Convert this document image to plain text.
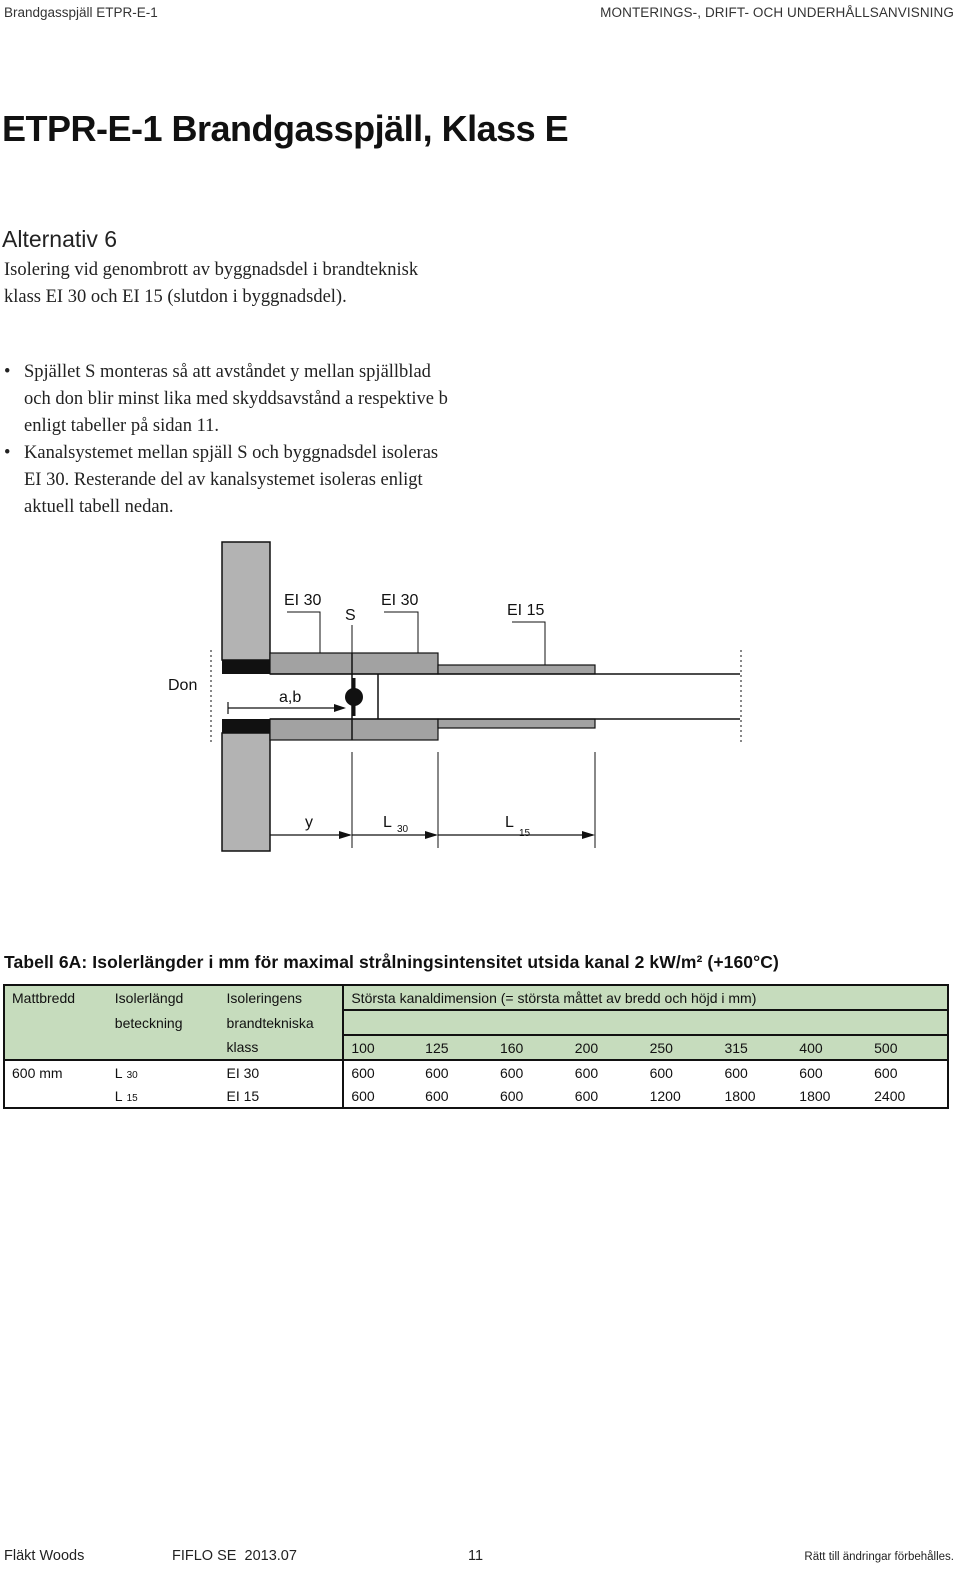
Brandgasspjäll ETPR-E-1	MONTERINGS-, DRIFT- OCH UNDERHÅLLSANVISNING
ETPR-E-1 Brandgasspjäll, Klass E
Alternativ 6
Isolering vid genombrott av byggnadsdel i brandteknisk klass EI 30 och EI 15 (slutdon i byggnadsdel).
• Spjället S monteras så att avståndet y mellan spjällblad och don blir minst lika med skyddsavstånd a respektive b enligt tabeller på sidan 11.
• Kanalsystemet mellan spjäll S och byggnadsdel isoleras EI 30. Resterande del av kanalsystemet isoleras enligt aktuell tabell nedan.
EI 30
S
EI 30
EI 15
Don
a,b
y	L 30	L
15
Tabell 6A: Isolerlängder i mm för maximal strålningsintensitet utsida kanal 2 kW/m² (+160°C)
Mattbredd	Isolerlängd	Isoleringens	Största kanaldimension (= största måttet av bredd och höjd i mm)							
	beteckning	brandtekniska								
		klass	100	125	160	200	250	315	400	500
600 mm	L 30	EI 30	600	600	600	600	600	600	600	600
	L 15	EI 15	600	600	600	600	1200	1800	1800	2400
Fläkt Woods	FIFLO SE  2013.07	11	Rätt till ändringar förbehålles.
